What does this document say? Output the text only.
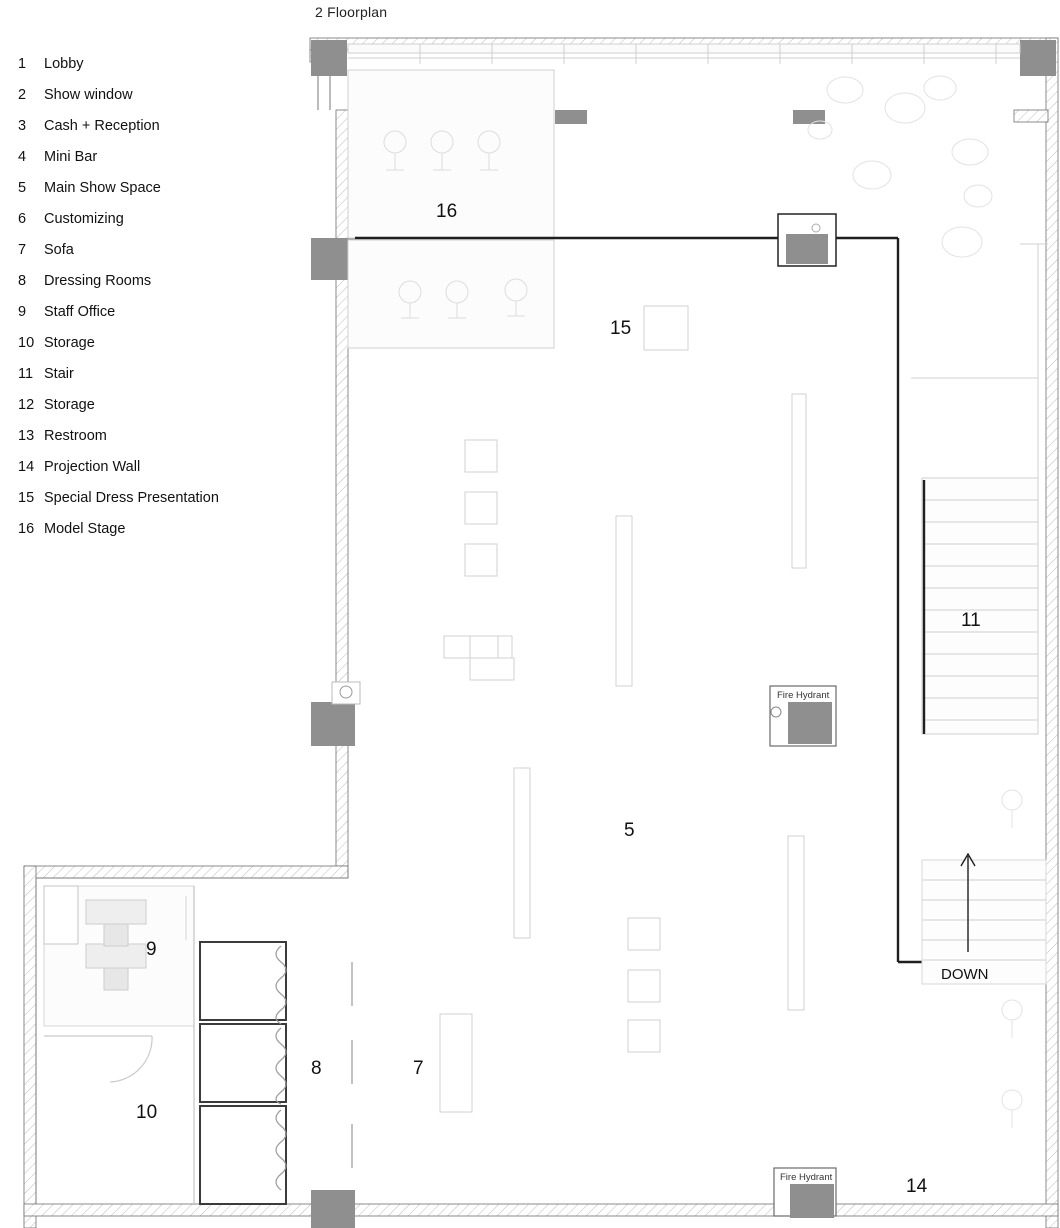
2 Floorplan
1	Lobby
2	Show window
3	Cash + Reception
4	Mini Bar
5	Main Show Space
6	Customizing
7	Sofa
8	Dressing Rooms
9	Staff Office
10 Storage
11 Stair
12 Storage
13 Restroom
14 Projection Wall
15 Special Dress Presentation
16 Model Stage
16
15
11
5
9
10
8	7
14
DOWN
Fire Hydrant
Fire Hydrant
